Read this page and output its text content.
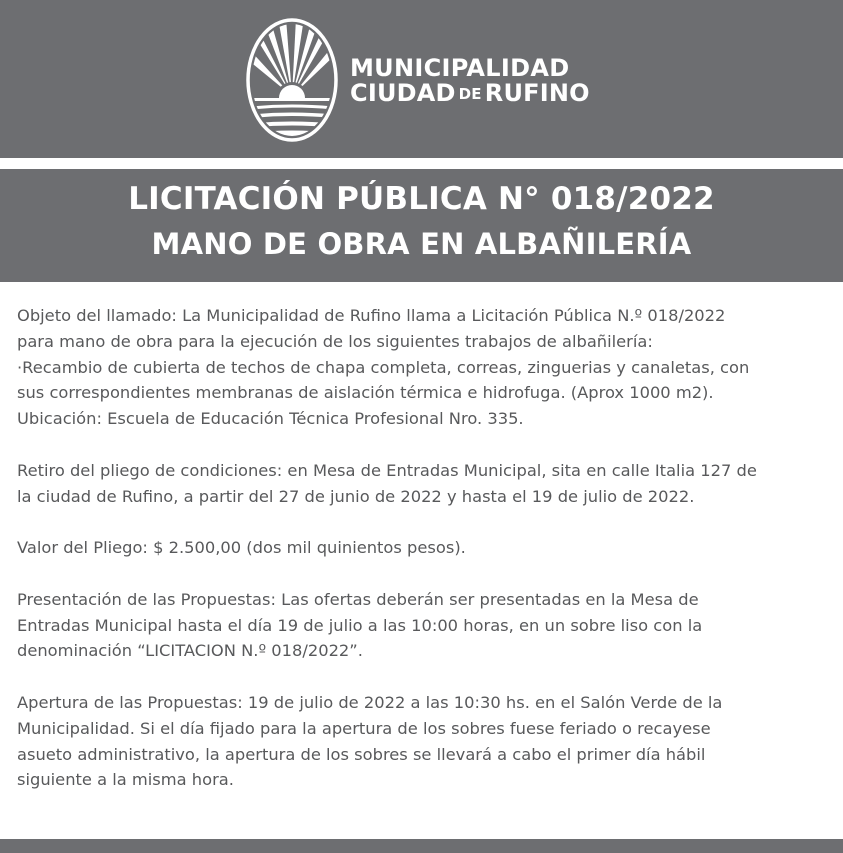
MUNICIPALIDAD
CIUDAD DE RUFINO
LICITACIÓN PÚBLICA N° 018/2022
MANO DE OBRA EN ALBAÑILERÍA

Objeto del llamado: La Municipalidad de Rufino llama a Licitación Pública N.º 018/2022
para mano de obra para la ejecución de los siguientes trabajos de albañilería:
·Recambio de cubierta de techos de chapa completa, correas, zinguerias y canaletas, con
sus correspondientes membranas de aislación térmica e hidrofuga. (Aprox 1000 m2).
Ubicación: Escuela de Educación Técnica Profesional Nro. 335.

Retiro del pliego de condiciones: en Mesa de Entradas Municipal, sita en calle Italia 127 de
la ciudad de Rufino, a partir del 27 de junio de 2022 y hasta el 19 de julio de 2022.

Valor del Pliego: $ 2.500,00 (dos mil quinientos pesos).

Presentación de las Propuestas: Las ofertas deberán ser presentadas en la Mesa de
Entradas Municipal hasta el día 19 de julio a las 10:00 horas, en un sobre liso con la
denominación “LICITACION N.º 018/2022”.

Apertura de las Propuestas: 19 de julio de 2022 a las 10:30 hs. en el Salón Verde de la
Municipalidad. Si el día fijado para la apertura de los sobres fuese feriado o recayese
asueto administrativo, la apertura de los sobres se llevará a cabo el primer día hábil
siguiente a la misma hora.
